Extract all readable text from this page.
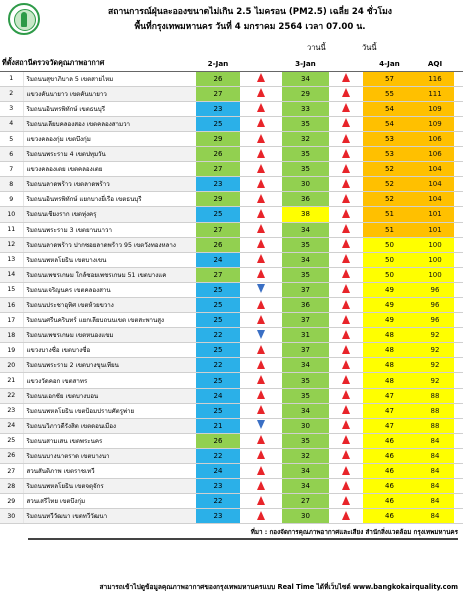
สถานการณ์ฝุ่นละอองขนาดไม่เกิน 2.5 ไมครอน (PM2.5) เฉลี่ย 24 ชั่วโมง
พื้นที่กรุงเทพมหานคร วันที่ 4 มกราคม 2564 เวลา 07.00 น.
วานนี้	วันนี้
ที่ตั้งสถานีตรวจวัดคุณภาพอากาศ		2-Jan		3-Jan		4-Jan	AQI	
1	ริมถนนสุขาภิบาล 5 เขตสายไหม	26		34		57	116	
2	แขวงคันนายาว เขตคันนายาว	27		29		55	111	
3	ริมถนนอินทรพิทักษ์ เขตธนบุรี	23		33		54	109	
4	ริมถนนเลียบคลองสอง เขตคลองสามวา	25		35		54	109	
5	แขวงคลองกุ่ม เขตบึงกุ่ม	29		32		53	106	
6	ริมถนนพระราม 4 เขตปทุมวัน	26		35		53	106	
7	แขวงคลองเตย เขตคลองเตย	27		35		52	104	
8	ริมถนนลาดพร้าว เขตลาดพร้าว	23		30		52	104	
9	ริมถนนอินทรพิทักษ์ แยกบางยี่เรือ เขตธนบุรี	29		36		52	104	
10	ริมถนนเชียงราก เขตทุ่งครุ	25		38		51	101	
11	ริมถนนพระราม 3 เขตยานนาวา	27		34		51	101	
12	ริมถนนลาดพร้าว ปากซอยลาดพร้าว 95 เขตวังทองหลาง	26		35		50	100	
13	ริมถนนพหลโยธิน เขตบางเขน	24		34		50	100	
14	ริมถนนเพชรเกษม ใกล้ซอยเพชรเกษม 51 เขตบางแค	27		35		50	100	
15	ริมถนนเจริญนคร เขตคลองสาน	25		37		49	96	
16	ริมถนนประชาอุทิศ เขตห้วยขวาง	25		36		49	96	
17	ริมถนนศรีนครินทร์ แยกเลียบถนนเขต เขตสะพานสูง	25		37		49	96	
18	ริมถนนเพชรเกษม เขตหนองแขม	22		31		48	92	
19	แขวงบางซื่อ เขตบางซื่อ	25		37		48	92	
20	ริมถนนพระราม 2 เขตบางขุนเทียน	22		34		48	92	
21	แขวงวัดคอก เขตสาทร	25		35		48	92	
22	ริมถนนเอกชัย เขตบางบอน	24		35		47	88	
23	ริมถนนพหลโยธิน เขตป้อมปราบศัตรูพ่าย	25		34		47	88	
24	ริมถนนวิภาวดีรังสิต เขตดอนเมือง	21		30		47	88	
25	ริมถนนสามเสน เขตพระนคร	26		35		46	84	
26	ริมถนนบางนาตราด เขตบางนา	22		32		46	84	
27	สวนสันติภาพ เขตราชเทวี	24		34		46	84	
28	ริมถนนพหลโยธิน เขตจตุจักร	23		34		46	84	
29	สวนเสรีไทย เขตบึงกุ่ม	22		27		46	84	
30	ริมถนนทวีวัฒนา เขตทวีวัฒนา	23		30		46	84	
ที่มา : กองจัดการคุณภาพอากาศและเสียง สำนักสิ่งแวดล้อม กรุงเทพมหานคร
สามารถเข้าไปดูข้อมูลคุณภาพอากาศของกรุงเทพมหานครแบบ Real Time ได้ที่เว็บไซต์ www.bangkokairquality.com
